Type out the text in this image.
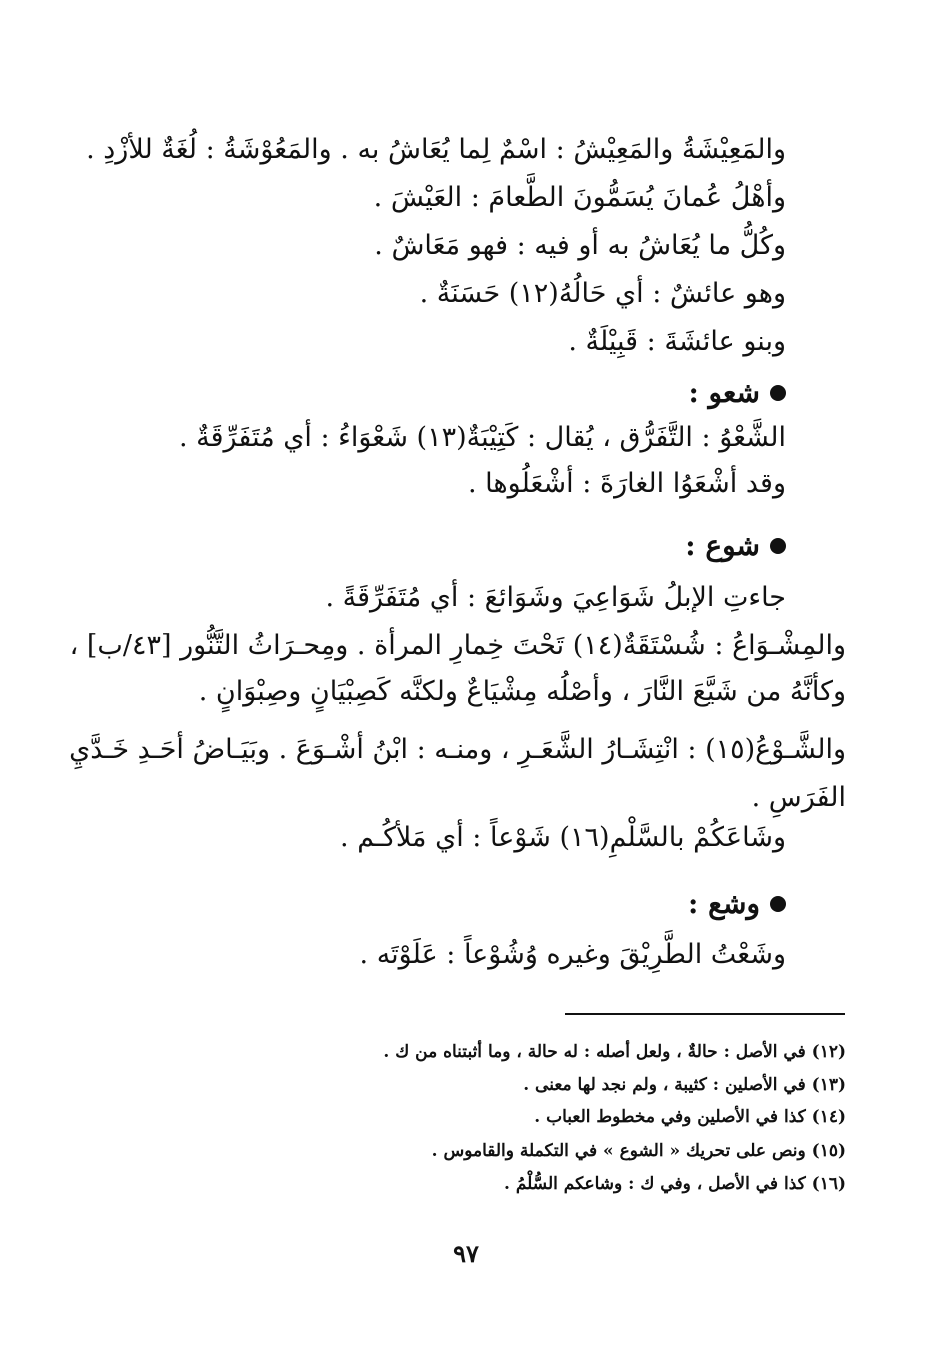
والمَعِيْشَةُ والمَعِيْشُ : اسْمٌ لِما يُعَاشُ به . والمَعُوْشَةُ : لُغَةٌ للأزْدِ .

وأهْلُ عُمانَ يُسَمُّونَ الطَّعامَ : العَيْشَ .

وكُلُّ ما يُعَاشُ به أو فيه : فهو مَعَاشٌ .

وهو عائشٌ : أي حَالُهُ(١٢) حَسَنَةٌ .

وبنو عائشَةَ : قَبِيْلَةٌ .

شعو :

الشَّعْوُ : التَّفَرُّق ، يُقال : كَتِيْبَةٌ(١٣) شَعْوَاءُ : أي مُتَفَرِّقَةٌ .

وقد أشْعَوُا الغارَةَ : أشْعَلُوها .

شوع :

جاءتِ الإبلُ شَوَاعِيَ وشَوَائعَ : أي مُتَفَرِّقَةً .

والمِشْـوَاعُ : شُسْتَقَةٌ(١٤) تَحْتَ خِمارِ المرأة . ومِحـرَاثُ التَّنُّور [٤٣/ب] ،

وكأنَّهُ من شَيَّعَ النَّارَ ، وأصْلُه مِشْيَاعٌ ولكنَّه كَصِبْيَانٍ وصِبْوَانٍ .

والشَّـوْعُ(١٥) : انْتِشَـارُ الشَّعَـرِ ، ومنـه : ابْنُ أشْـوَعَ . وبَيَـاضُ أحَـدِ خَـدَّيِ

الفَرَسِ .

وشَاعَكُمْ بالسَّلْمِ(١٦) شَوْعاً : أي مَلأكُـم .

وشع :

وشَعْتُ الطَّرِيْقَ وغيره وُشُوْعاً : عَلَوْتَه .

(١٢) في الأصل : حالةٌ ، ولعل أصله : له حالة ، وما أثبتناه من ك .

(١٣) في الأصلين : كثيبة ، ولم نجد لها معنى .

(١٤) كذا في الأصلين وفي مخطوط العباب .

(١٥) ونص على تحريك « الشوع » في التكملة والقاموس .

(١٦) كذا في الأصل ، وفي ك : وشاعكم السُّلْمُ .

٩٧
